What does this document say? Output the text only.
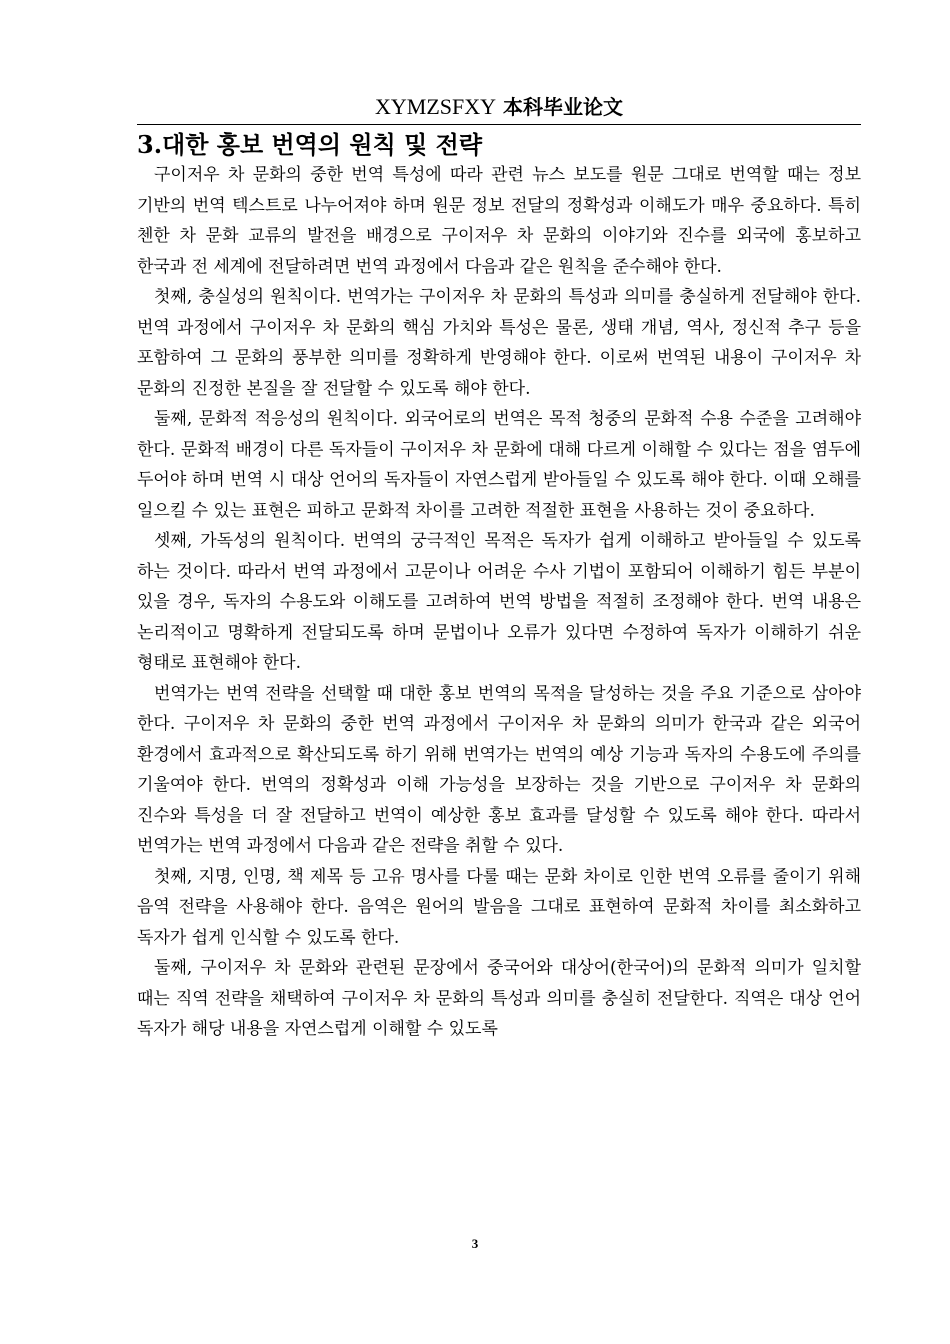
XYMZSFXY 本科毕业论文
3.대한 홍보 번역의 원칙 및 전략

구이저우 차 문화의 중한 번역 특성에 따라 관련 뉴스 보도를 원문 그대로 번역할 때는 정보 기반의 번역 텍스트로 나누어져야 하며 원문 정보 전달의 정확성과 이해도가 매우 중요하다. 특히 첸한 차 문화 교류의 발전을 배경으로 구이저우 차 문화의 이야기와 진수를 외국에 홍보하고 한국과 전 세계에 전달하려면 번역 과정에서 다음과 같은 원칙을 준수해야 한다.

첫째, 충실성의 원칙이다. 번역가는 구이저우 차 문화의 특성과 의미를 충실하게 전달해야 한다. 번역 과정에서 구이저우 차 문화의 핵심 가치와 특성은 물론, 생태 개념, 역사, 정신적 추구 등을 포함하여 그 문화의 풍부한 의미를 정확하게 반영해야 한다. 이로써 번역된 내용이 구이저우 차 문화의 진정한 본질을 잘 전달할 수 있도록 해야 한다.

둘째, 문화적 적응성의 원칙이다. 외국어로의 번역은 목적 청중의 문화적 수용 수준을 고려해야 한다. 문화적 배경이 다른 독자들이 구이저우 차 문화에 대해 다르게 이해할 수 있다는 점을 염두에 두어야 하며 번역 시 대상 언어의 독자들이 자연스럽게 받아들일 수 있도록 해야 한다. 이때 오해를 일으킬 수 있는 표현은 피하고 문화적 차이를 고려한 적절한 표현을 사용하는 것이 중요하다.

셋째, 가독성의 원칙이다. 번역의 궁극적인 목적은 독자가 쉽게 이해하고 받아들일 수 있도록 하는 것이다. 따라서 번역 과정에서 고문이나 어려운 수사 기법이 포함되어 이해하기 힘든 부분이 있을 경우, 독자의 수용도와 이해도를 고려하여 번역 방법을 적절히 조정해야 한다. 번역 내용은 논리적이고 명확하게 전달되도록 하며 문법이나 오류가 있다면 수정하여 독자가 이해하기 쉬운 형태로 표현해야 한다.

번역가는 번역 전략을 선택할 때 대한 홍보 번역의 목적을 달성하는 것을 주요 기준으로 삼아야 한다. 구이저우 차 문화의 중한 번역 과정에서 구이저우 차 문화의 의미가 한국과 같은 외국어 환경에서 효과적으로 확산되도록 하기 위해 번역가는 번역의 예상 기능과 독자의 수용도에 주의를 기울여야 한다. 번역의 정확성과 이해 가능성을 보장하는 것을 기반으로 구이저우 차 문화의 진수와 특성을 더 잘 전달하고 번역이 예상한 홍보 효과를 달성할 수 있도록 해야 한다. 따라서 번역가는 번역 과정에서 다음과 같은 전략을 취할 수 있다.

첫째, 지명, 인명, 책 제목 등 고유 명사를 다룰 때는 문화 차이로 인한 번역 오류를 줄이기 위해 음역 전략을 사용해야 한다. 음역은 원어의 발음을 그대로 표현하여 문화적 차이를 최소화하고 독자가 쉽게 인식할 수 있도록 한다.

둘째, 구이저우 차 문화와 관련된 문장에서 중국어와 대상어(한국어)의 문화적 의미가 일치할 때는 직역 전략을 채택하여 구이저우 차 문화의 특성과 의미를 충실히 전달한다. 직역은 대상 언어 독자가 해당 내용을 자연스럽게 이해할 수 있도록

3
